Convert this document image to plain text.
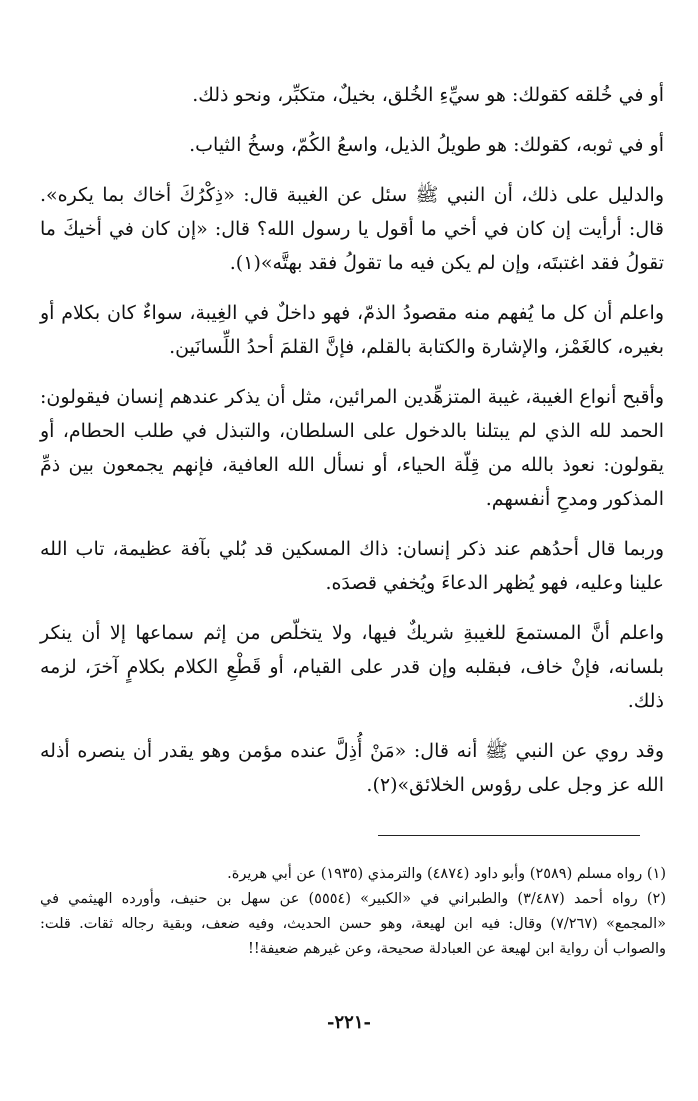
أو في خُلقه كقولك: هو سيِّءِ الخُلق، بخيلٌ، متكبِّر، ونحو ذلك.

أو في ثوبه، كقولك: هو طويلُ الذيل، واسعُ الكُمّ، وسخُ الثياب.

والدليل على ذلك، أن النبي ﷺ سئل عن الغيبة قال: «ذِكْرُكَ أخاك بما يكره». قال: أرأيت إن كان في أخي ما أقول يا رسول الله؟ قال: «إن كان في أخيكَ ما تقولُ فقد اغتبتَه، وإن لم يكن فيه ما تقولُ فقد بهتَّه»(١).

واعلم أن كل ما يُفهم منه مقصودُ الذمّ، فهو داخلٌ في الغِيبة، سواءٌ كان بكلام أو بغيره، كالغَمْز، والإشارة والكتابة بالقلم، فإنَّ القلمَ أحدُ اللِّسانَين.

وأقبح أنواع الغيبة، غيبة المتزهِّدين المرائين، مثل أن يذكر عندهم إنسان فيقولون: الحمد لله الذي لم يبتلنا بالدخول على السلطان، والتبذل في طلب الحطام، أو يقولون: نعوذ بالله من قِلّة الحياء، أو نسأل الله العافية، فإنهم يجمعون بين ذمِّ المذكور ومدحِ أنفسهم.

وربما قال أحدُهم عند ذكر إنسان: ذاك المسكين قد بُلي بآفة عظيمة، تاب الله علينا وعليه، فهو يُظهر الدعاءَ ويُخفي قصدَه.

واعلم أنَّ المستمعَ للغيبةِ شريكٌ فيها، ولا يتخلّص من إثم سماعها إلا أن ينكر بلسانه، فإنْ خاف، فبقلبه وإن قدر على القيام، أو قَطْعِ الكلام بكلامٍ آخرَ، لزمه ذلك.

وقد روي عن النبي ﷺ أنه قال: «مَنْ أُذِلَّ عنده مؤمن وهو يقدر أن ينصره أذله الله عز وجل على رؤوس الخلائق»(٢).

(١) رواه مسلم (٢٥٨٩) وأبو داود (٤٨٧٤) والترمذي (١٩٣٥) عن أبي هريرة.

(٢) رواه أحمد (٣/٤٨٧) والطبراني في «الكبير» (٥٥٥٤) عن سهل بن حنيف، وأورده الهيثمي في «المجمع» (٧/٢٦٧) وقال: فيه ابن لهيعة، وهو حسن الحديث، وفيه ضعف، وبقية رجاله ثقات. قلت: والصواب أن رواية ابن لهيعة عن العبادلة صحيحة، وعن غيرهم ضعيفة!!

-٢٢١-
